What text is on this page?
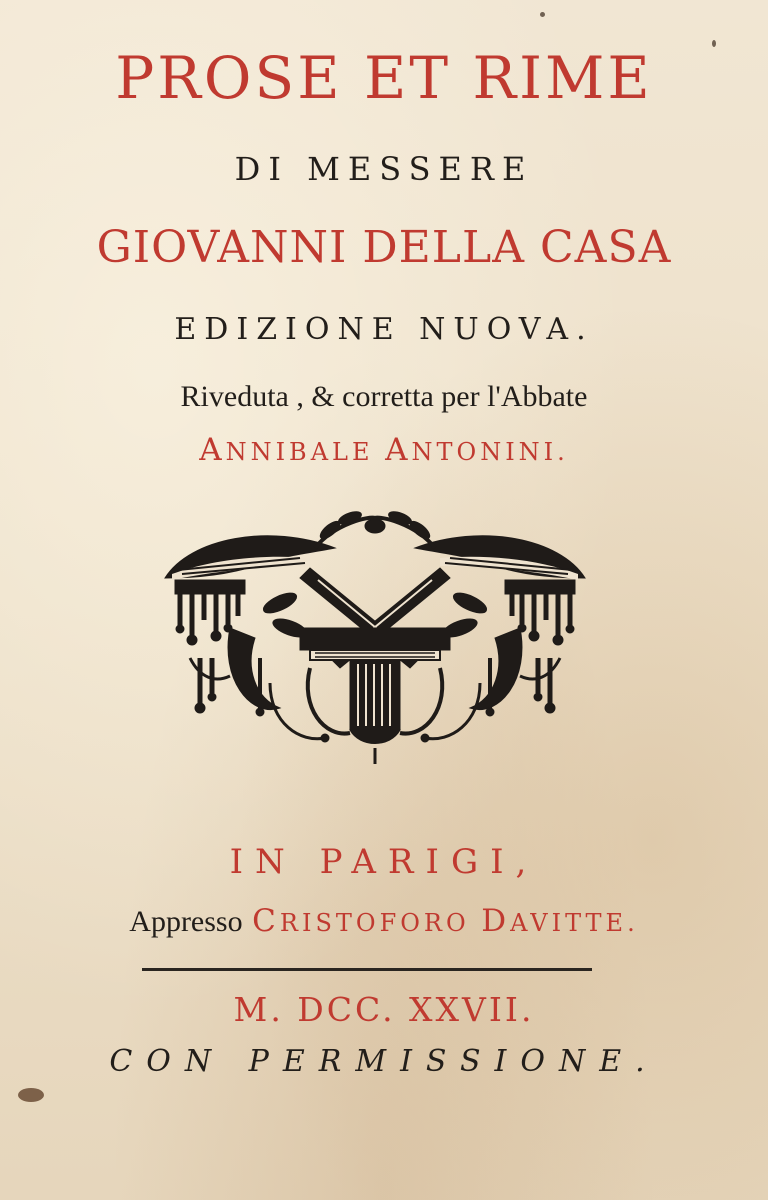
PROSE ET RIME
DI MESSERE
GIOVANNI DELLA CASA
EDIZIONE NUOVA.
Riveduta , & corretta per l'Abbate
ANNIBALE ANTONINI.
IN PARIGI,
Appresso CRISTOFORO DAVITTE.
M. DCC. XXVII.
CON PERMISSIONE.
